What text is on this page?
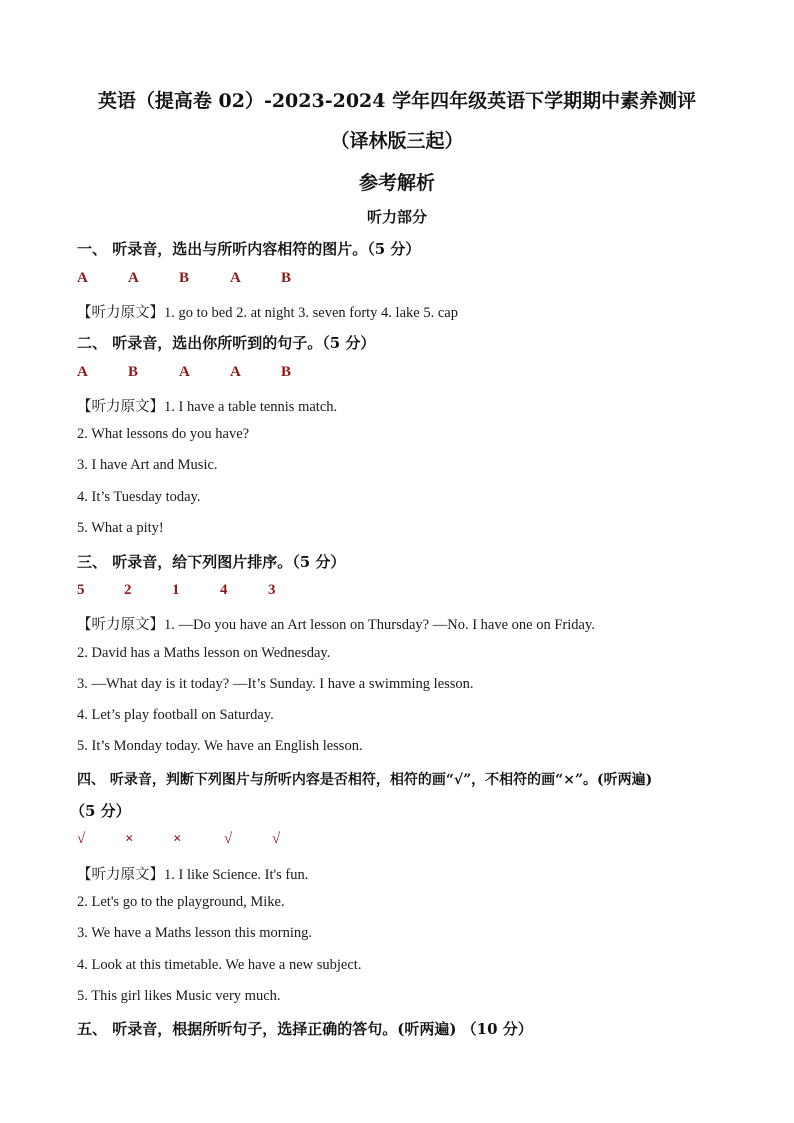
英语（提高卷 02）-2023-2024 学年四年级英语下学期期中素养测评
（译林版三起）
参考解析
听力部分
一、 听录音，选出与所听内容相符的图片。（5 分）
A	A	B	A	B
【听力原文】1. go to bed 2. at night 3. seven forty 4. lake 5. cap
二、 听录音，选出你所听到的句子。（5 分）
A	B	A	A	B
【听力原文】1. I have a table tennis match.
2. What lessons do you have?
3. I have Art and Music.
4. It’s Tuesday today.
5. What a pity!
三、 听录音，给下列图片排序。（5 分）
5	2	1	4	3
【听力原文】1. —Do you have an Art lesson on Thursday? —No. I have one on Friday.
2. David has a Maths lesson on Wednesday.
3. —What day is it today? —It’s Sunday. I have a swimming lesson.
4. Let’s play football on Saturday.
5. It’s Monday today. We have an English lesson.
四、 听录音，判断下列图片与所听内容是否相符，相符的画“√”，不相符的画“×”。(听两遍)
（5 分）
√	×	×	√	√
【听力原文】1. I like Science. It's fun.
2. Let's go to the playground, Mike.
3. We have a Maths lesson this morning.
4. Look at this timetable. We have a new subject.
5. This girl likes Music very much.
五、 听录音，根据所听句子，选择正确的答句。(听两遍) （10 分）
